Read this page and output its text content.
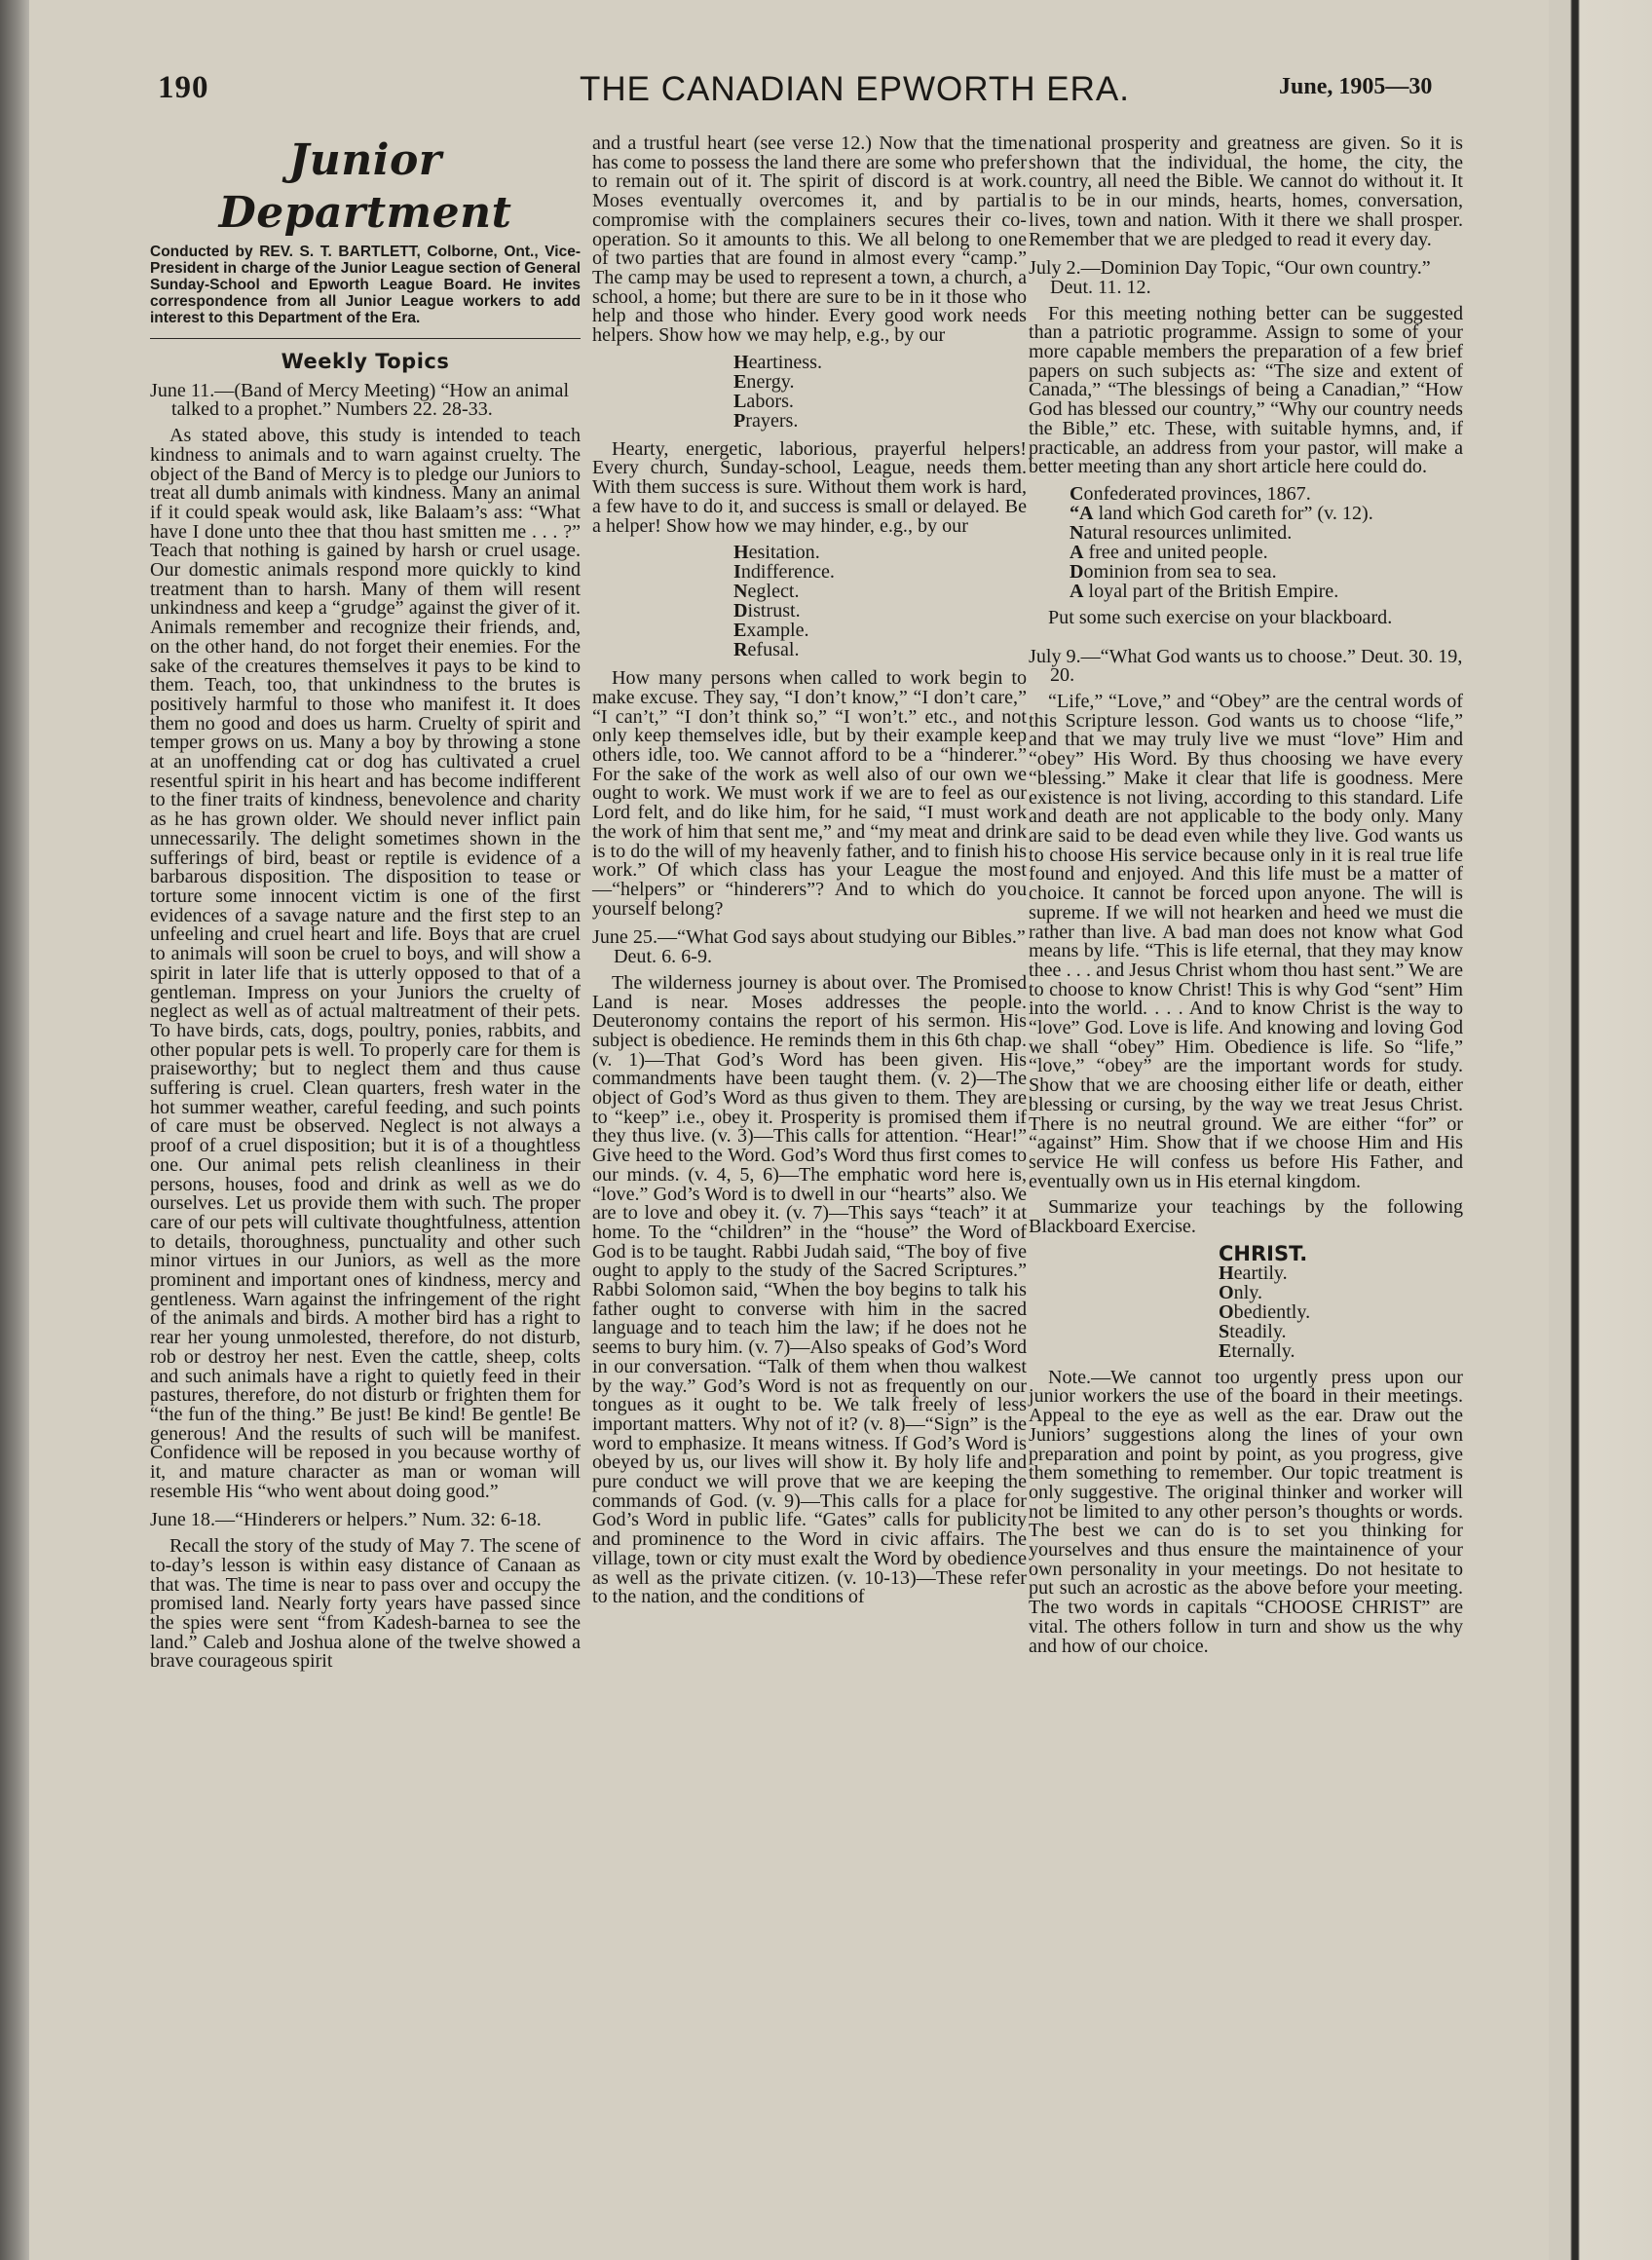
190	THE CANADIAN EPWORTH ERA.	June, 1905—30
Junior Department
Conducted by REV. S. T. BARTLETT, Colborne, Ont., Vice-President in charge of the Junior League section of General Sunday-School and Epworth League Board. He invites correspondence from all Junior League workers to add interest to this Department of the Era.
Weekly Topics
June 11.—(Band of Mercy Meeting) “How an animal talked to a prophet.” Numbers 22. 28-33.

As stated above, this study is intended to teach kindness to animals and to warn against cruelty. The object of the Band of Mercy is to pledge our Juniors to treat all dumb animals with kindness. Many an animal if it could speak would ask, like Balaam’s ass: “What have I done unto thee that thou hast smitten me . . . ?” Teach that nothing is gained by harsh or cruel usage. Our domestic animals respond more quickly to kind treatment than to harsh. Many of them will resent unkindness and keep a “grudge” against the giver of it. Animals remember and recognize their friends, and, on the other hand, do not forget their enemies. For the sake of the creatures themselves it pays to be kind to them. Teach, too, that unkindness to the brutes is positively harmful to those who manifest it. It does them no good and does us harm. Cruelty of spirit and temper grows on us. Many a boy by throwing a stone at an unoffending cat or dog has cultivated a cruel resentful spirit in his heart and has become indifferent to the finer traits of kindness, benevolence and charity as he has grown older. We should never inflict pain unnecessarily. The delight sometimes shown in the sufferings of bird, beast or reptile is evidence of a barbarous disposition. The disposition to tease or torture some innocent victim is one of the first evidences of a savage nature and the first step to an unfeeling and cruel heart and life. Boys that are cruel to animals will soon be cruel to boys, and will show a spirit in later life that is utterly opposed to that of a gentleman. Impress on your Juniors the cruelty of neglect as well as of actual maltreatment of their pets. To have birds, cats, dogs, poultry, ponies, rabbits, and other popular pets is well. To properly care for them is praiseworthy; but to neglect them and thus cause suffering is cruel. Clean quarters, fresh water in the hot summer weather, careful feeding, and such points of care must be observed. Neglect is not always a proof of a cruel disposition; but it is of a thoughtless one. Our animal pets relish cleanliness in their persons, houses, food and drink as well as we do ourselves. Let us provide them with such. The proper care of our pets will cultivate thoughtfulness, attention to details, thoroughness, punctuality and other such minor virtues in our Juniors, as well as the more prominent and important ones of kindness, mercy and gentleness. Warn against the infringement of the right of the animals and birds. A mother bird has a right to rear her young unmolested, therefore, do not disturb, rob or destroy her nest. Even the cattle, sheep, colts and such animals have a right to quietly feed in their pastures, therefore, do not disturb or frighten them for “the fun of the thing.” Be just! Be kind! Be gentle! Be generous! And the results of such will be manifest. Confidence will be reposed in you because worthy of it, and mature character as man or woman will resemble His “who went about doing good.”

June 18.—“Hinderers or helpers.” Num. 32: 6-18.

Recall the story of the study of May 7. The scene of to-day’s lesson is within easy distance of Canaan as that was. The time is near to pass over and occupy the promised land. Nearly forty years have passed since the spies were sent “from Kadesh-barnea to see the land.” Caleb and Joshua alone of the twelve showed a brave courageous spirit

and a trustful heart (see verse 12.) Now that the time has come to possess the land there are some who prefer to remain out of it. The spirit of discord is at work. Moses eventually overcomes it, and by partial compromise with the complainers secures their co-operation. So it amounts to this. We all belong to one of two parties that are found in almost every “camp.” The camp may be used to represent a town, a church, a school, a home; but there are sure to be in it those who help and those who hinder. Every good work needs helpers. Show how we may help, e.g., by our

Heartiness.
Energy.
Labors.
Prayers.

Hearty, energetic, laborious, prayerful helpers! Every church, Sunday-school, League, needs them. With them success is sure. Without them work is hard, a few have to do it, and success is small or delayed. Be a helper! Show how we may hinder, e.g., by our

Hesitation.
Indifference.
Neglect.
Distrust.
Example.
Refusal.

How many persons when called to work begin to make excuse. They say, “I don’t know,” “I don’t care,” “I can’t,” “I don’t think so,” “I won’t.” etc., and not only keep themselves idle, but by their example keep others idle, too. We cannot afford to be a “hinderer.” For the sake of the work as well also of our own we ought to work. We must work if we are to feel as our Lord felt, and do like him, for he said, “I must work the work of him that sent me,” and “my meat and drink is to do the will of my heavenly father, and to finish his work.” Of which class has your League the most—“helpers” or “hinderers”? And to which do you yourself belong?

June 25.—“What God says about studying our Bibles.” Deut. 6. 6-9.

The wilderness journey is about over. The Promised Land is near. Moses addresses the people. Deuteronomy contains the report of his sermon. His subject is obedience. He reminds them in this 6th chap. (v. 1)—That God’s Word has been given. His commandments have been taught them. (v. 2)—The object of God’s Word as thus given to them. They are to “keep” i.e., obey it. Prosperity is promised them if they thus live. (v. 3)—This calls for attention. “Hear!” Give heed to the Word. God’s Word thus first comes to our minds. (v. 4, 5, 6)—The emphatic word here is, “love.” God’s Word is to dwell in our “hearts” also. We are to love and obey it. (v. 7)—This says “teach” it at home. To the “children” in the “house” the Word of God is to be taught. Rabbi Judah said, “The boy of five ought to apply to the study of the Sacred Scriptures.” Rabbi Solomon said, “When the boy begins to talk his father ought to converse with him in the sacred language and to teach him the law; if he does not he seems to bury him. (v. 7)—Also speaks of God’s Word in our conversation. “Talk of them when thou walkest by the way.” God’s Word is not as frequently on our tongues as it ought to be. We talk freely of less important matters. Why not of it? (v. 8)—“Sign” is the word to emphasize. It means witness. If God’s Word is obeyed by us, our lives will show it. By holy life and pure conduct we will prove that we are keeping the commands of God. (v. 9)—This calls for a place for God’s Word in public life. “Gates” calls for publicity and prominence to the Word in civic affairs. The village, town or city must exalt the Word by obedience as well as the private citizen. (v. 10-13)—These refer to the nation, and the conditions of

national prosperity and greatness are given. So it is shown that the individual, the home, the city, the country, all need the Bible. We cannot do without it. It is to be in our minds, hearts, homes, conversation, lives, town and nation. With it there we shall prosper. Remember that we are pledged to read it every day.

July 2.—Dominion Day Topic, “Our own country.” Deut. 11. 12.

For this meeting nothing better can be suggested than a patriotic programme. Assign to some of your more capable members the preparation of a few brief papers on such subjects as: “The size and extent of Canada,” “The blessings of being a Canadian,” “How God has blessed our country,” “Why our country needs the Bible,” etc. These, with suitable hymns, and, if practicable, an address from your pastor, will make a better meeting than any short article here could do.

Confederated provinces, 1867.
“A land which God careth for” (v. 12).
Natural resources unlimited.
A free and united people.
Dominion from sea to sea.
A loyal part of the British Empire.

Put some such exercise on your blackboard.

July 9.—“What God wants us to choose.” Deut. 30. 19, 20.

“Life,” “Love,” and “Obey” are the central words of this Scripture lesson. God wants us to choose “life,” and that we may truly live we must “love” Him and “obey” His Word. By thus choosing we have every “blessing.” Make it clear that life is goodness. Mere existence is not living, according to this standard. Life and death are not applicable to the body only. Many are said to be dead even while they live. God wants us to choose His service because only in it is real true life found and enjoyed. And this life must be a matter of choice. It cannot be forced upon anyone. The will is supreme. If we will not hearken and heed we must die rather than live. A bad man does not know what God means by life. “This is life eternal, that they may know thee . . . and Jesus Christ whom thou hast sent.” We are to choose to know Christ! This is why God “sent” Him into the world. . . . And to know Christ is the way to “love” God. Love is life. And knowing and loving God we shall “obey” Him. Obedience is life. So “life,” “love,” “obey” are the important words for study. Show that we are choosing either life or death, either blessing or cursing, by the way we treat Jesus Christ. There is no neutral ground. We are either “for” or “against” Him. Show that if we choose Him and His service He will confess us before His Father, and eventually own us in His eternal kingdom.

Summarize your teachings by the following Blackboard Exercise.

CHRIST.
Heartily.
Only.
Obediently.
Steadily.
Eternally.

Note.—We cannot too urgently press upon our junior workers the use of the board in their meetings. Appeal to the eye as well as the ear. Draw out the Juniors’ suggestions along the lines of your own preparation and point by point, as you progress, give them something to remember. Our topic treatment is only suggestive. The original thinker and worker will not be limited to any other person’s thoughts or words. The best we can do is to set you thinking for yourselves and thus ensure the maintainence of your own personality in your meetings. Do not hesitate to put such an acrostic as the above before your meeting. The two words in capitals “CHOOSE CHRIST” are vital. The others follow in turn and show us the why and how of our choice.
